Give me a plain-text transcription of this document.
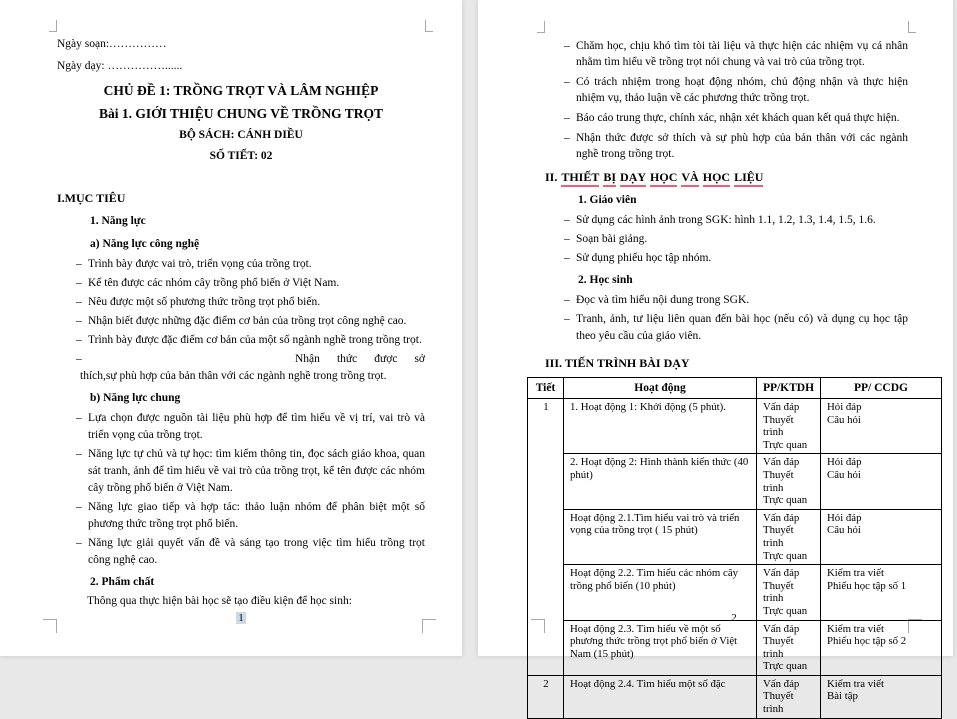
Ngày soạn:……………
Ngày dạy: ……………......
CHỦ ĐỀ 1: TRỒNG TRỌT VÀ LÂM NGHIỆP
Bài 1. GIỚI THIỆU CHUNG VỀ TRỒNG TRỌT
BỘ SÁCH: CÁNH DIỀU
SỐ TIẾT: 02
I.MỤC TIÊU
1. Năng lực
a) Năng lực công nghệ
– Trình bày được vai trò, triển vọng của trồng trọt.
– Kể tên được các nhóm cây trồng phổ biến ở Việt Nam.
– Nêu được một số phương thức trồng trọt phổ biến.
– Nhận biết được những đặc điểm cơ bản của trồng trọt công nghệ cao.
– Trình bày được đặc điểm cơ bản của một số ngành nghề trong trồng trọt.
–	Nhận thức được sở
thích,sự phù hợp của bản thân với các ngành nghề trong trồng trọt.
b) Năng lực chung
– Lựa chọn được nguồn tài liệu phù hợp để tìm hiểu về vị trí, vai trò và triển vọng của trồng trọt.
– Năng lực tự chủ và tự học: tìm kiếm thông tin, đọc sách giáo khoa, quan sát tranh, ảnh để tìm hiểu về vai trò của trồng trọt, kể tên được các nhóm cây trồng phổ biến ở Việt Nam.
– Năng lực giao tiếp và hợp tác: thảo luận nhóm để phân biệt một số phương thức trồng trọt phổ biến.
– Năng lực giải quyết vấn đề và sáng tạo trong việc tìm hiểu trồng trọt công nghệ cao.
2. Phẩm chất
Thông qua thực hiện bài học sẽ tạo điều kiện để học sinh:
1
– Chăm học, chịu khó tìm tòi tài liệu và thực hiện các nhiệm vụ cá nhân nhằm tìm hiểu về trồng trọt nói chung và vai trò của trồng trọt.
– Có trách nhiệm trong hoạt động nhóm, chủ động nhận và thực hiện nhiệm vụ, thảo luận về các phương thức trồng trọt.
– Báo cáo trung thực, chính xác, nhận xét khách quan kết quả thực hiện.
– Nhận thức được sở thích và sự phù hợp của bản thân với các ngành nghề trong trồng trọt.
II. THIẾT BỊ DẠY HỌC VÀ HỌC LIỆU
1. Giáo viên
– Sử dụng các hình ảnh trong SGK: hình 1.1, 1.2, 1.3, 1.4, 1.5, 1.6.
– Soạn bài giảng.
– Sử dụng phiếu học tập nhóm.
2. Học sinh
– Đọc và tìm hiểu nội dung trong SGK.
– Tranh, ảnh, tư liệu liên quan đến bài học (nếu có) và dụng cụ học tập theo yêu cầu của giáo viên.
III. TIẾN TRÌNH BÀI DẠY
Tiết	Hoạt động	PP/KTDH	PP/ CCDG
1	1. Hoạt động 1: Khởi động (5 phút).	Vấn đáp
Thuyết trình
Trực quan	Hỏi đáp
Câu hỏi
	2. Hoạt động 2: Hình thành kiến thức (40 phút)	Vấn đáp
Thuyết trình
Trực quan	Hỏi đáp
Câu hỏi
	Hoạt động 2.1.Tìm hiểu vai trò và triển vọng của trồng trọt ( 15 phút)	Vấn đáp
Thuyết trình
Trực quan	Hỏi đáp
Câu hỏi
	Hoạt động 2.2. Tìm hiểu các nhóm cây trồng phổ biến (10 phút)	Vấn đáp
Thuyết trình
Trực quan	Kiểm tra viết
Phiếu học tập số 1
	Hoạt động 2.3. Tìm hiểu về một số phương thức trồng trọt phổ biến ở Việt Nam (15 phút)	Vấn đáp
Thuyết trình
Trực quan	Kiểm tra viết
Phiếu học tập số 2
2	Hoạt động 2.4. Tìm hiểu một số đặc	Vấn đáp
Thuyết trình	Kiểm tra viết
Bài tập
2
